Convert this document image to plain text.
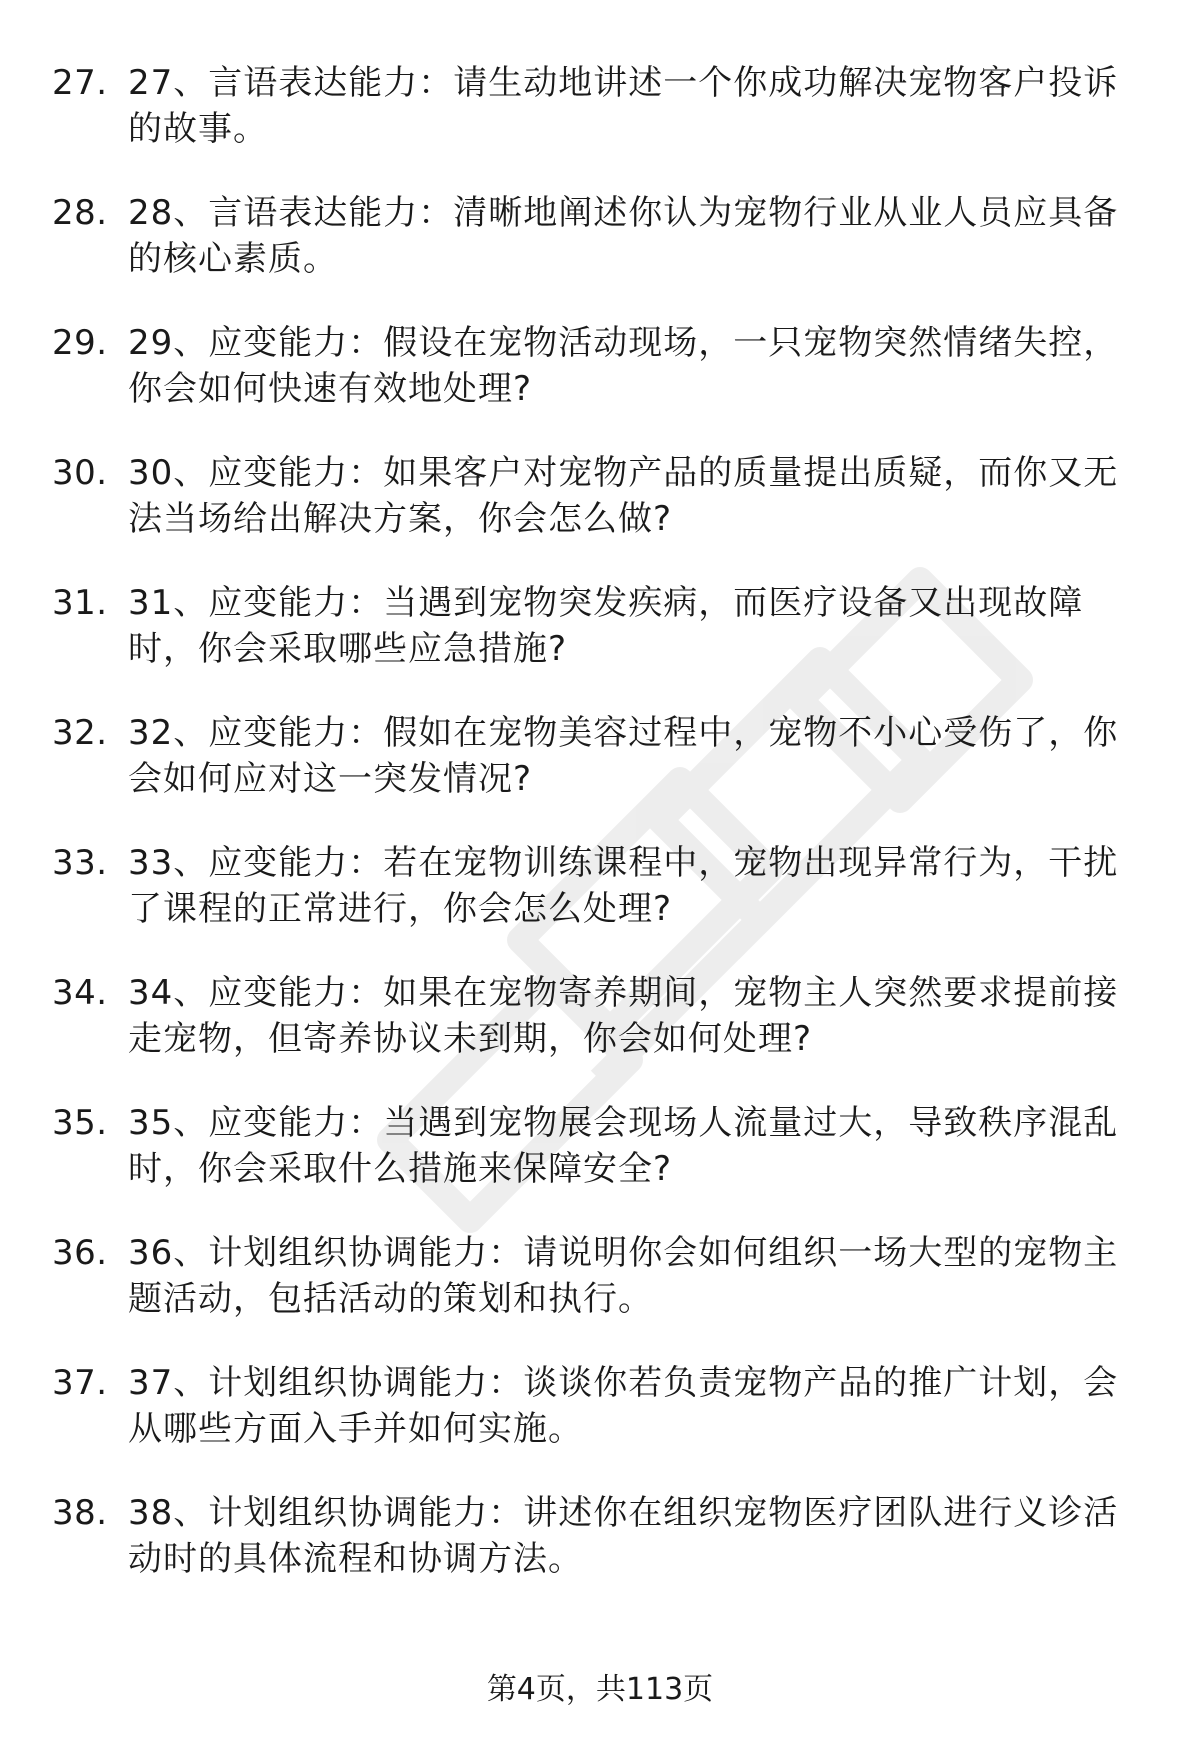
27. 27、言语表达能力：请生动地讲述一个你成功解决宠物客户投诉的故事。
28. 28、言语表达能力：清晰地阐述你认为宠物行业从业人员应具备的核心素质。
29. 29、应变能力：假设在宠物活动现场，一只宠物突然情绪失控，你会如何快速有效地处理?
30. 30、应变能力：如果客户对宠物产品的质量提出质疑，而你又无法当场给出解决方案，你会怎么做?
31. 31、应变能力：当遇到宠物突发疾病，而医疗设备又出现故障时，你会采取哪些应急措施?
32. 32、应变能力：假如在宠物美容过程中，宠物不小心受伤了，你会如何应对这一突发情况?
33. 33、应变能力：若在宠物训练课程中，宠物出现异常行为，干扰了课程的正常进行，你会怎么处理?
34. 34、应变能力：如果在宠物寄养期间，宠物主人突然要求提前接走宠物，但寄养协议未到期，你会如何处理?
35. 35、应变能力：当遇到宠物展会现场人流量过大，导致秩序混乱时，你会采取什么措施来保障安全?
36. 36、计划组织协调能力：请说明你会如何组织一场大型的宠物主题活动，包括活动的策划和执行。
37. 37、计划组织协调能力：谈谈你若负责宠物产品的推广计划，会从哪些方面入手并如何实施。
38. 38、计划组织协调能力：讲述你在组织宠物医疗团队进行义诊活动时的具体流程和协调方法。
第4页，共113页
